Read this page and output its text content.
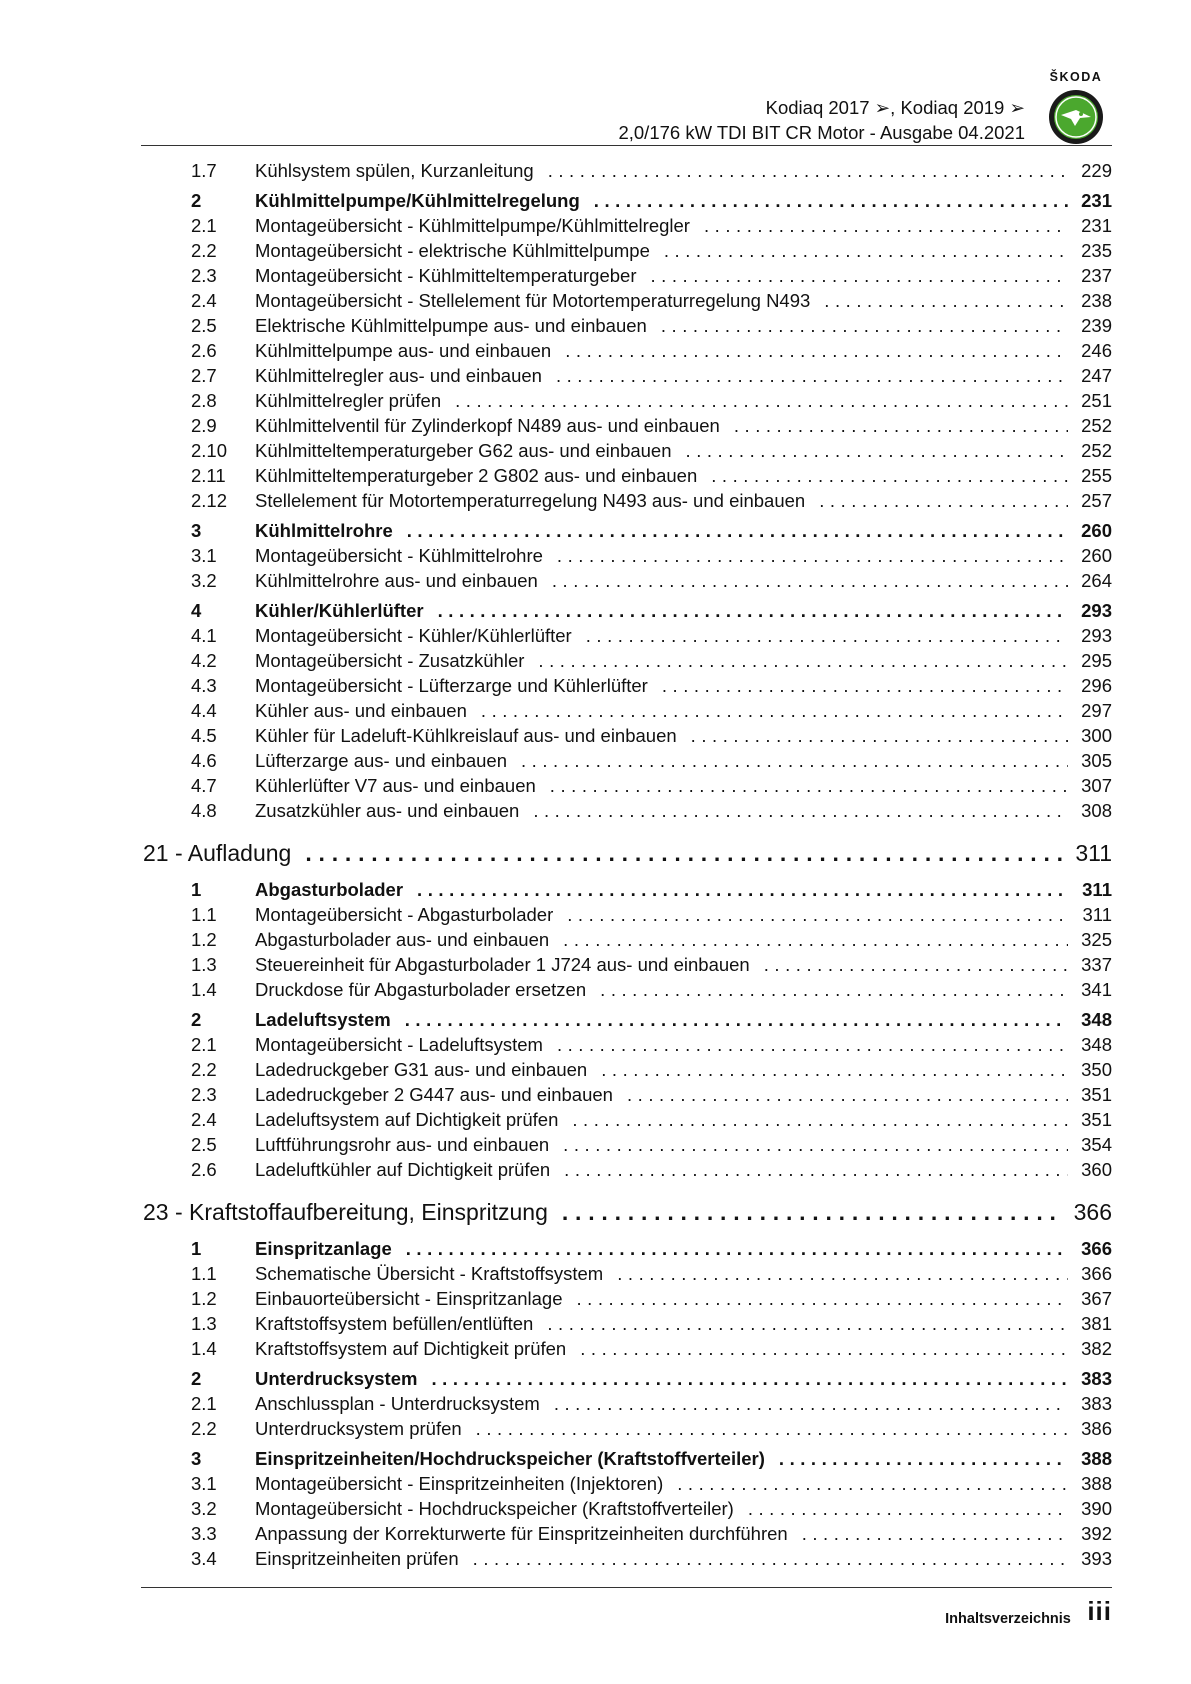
Kodiaq 2017 ➢, Kodiaq 2019 ➢
2,0/176 kW TDI BIT CR Motor - Ausgabe 04.2021
ŠKODA
1.7	Kühlsystem spülen, Kurzanleitung . . .	229
2	Kühlmittelpumpe/Kühlmittelregelung . . .	231
2.1	Montageübersicht - Kühlmittelpumpe/Kühlmittelregler . . .	231
2.2	Montageübersicht - elektrische Kühlmittelpumpe . . .	235
2.3	Montageübersicht - Kühlmitteltemperaturgeber . . .	237
2.4	Montageübersicht - Stellelement für Motortemperaturregelung N493 . . .	238
2.5	Elektrische Kühlmittelpumpe aus- und einbauen . . .	239
2.6	Kühlmittelpumpe aus- und einbauen . . .	246
2.7	Kühlmittelregler aus- und einbauen . . .	247
2.8	Kühlmittelregler prüfen . . .	251
2.9	Kühlmittelventil für Zylinderkopf N489 aus- und einbauen . . .	252
2.10	Kühlmitteltemperaturgeber G62 aus- und einbauen . . .	252
2.11	Kühlmitteltemperaturgeber 2 G802 aus- und einbauen . . .	255
2.12	Stellelement für Motortemperaturregelung N493 aus- und einbauen . . .	257
3	Kühlmittelrohre . . .	260
3.1	Montageübersicht - Kühlmittelrohre . . .	260
3.2	Kühlmittelrohre aus- und einbauen . . .	264
4	Kühler/Kühlerlüfter . . .	293
4.1	Montageübersicht - Kühler/Kühlerlüfter . . .	293
4.2	Montageübersicht - Zusatzkühler . . .	295
4.3	Montageübersicht - Lüfterzarge und Kühlerlüfter . . .	296
4.4	Kühler aus- und einbauen . . .	297
4.5	Kühler für Ladeluft-Kühlkreislauf aus- und einbauen . . .	300
4.6	Lüfterzarge aus- und einbauen . . .	305
4.7	Kühlerlüfter V7 aus- und einbauen . . .	307
4.8	Zusatzkühler aus- und einbauen . . .	308
21 - Aufladung . . .	311
1	Abgasturbolader . . .	311
1.1	Montageübersicht - Abgasturbolader . . .	311
1.2	Abgasturbolader aus- und einbauen . . .	325
1.3	Steuereinheit für Abgasturbolader 1 J724 aus- und einbauen . . .	337
1.4	Druckdose für Abgasturbolader ersetzen . . .	341
2	Ladeluftsystem . . .	348
2.1	Montageübersicht - Ladeluftsystem . . .	348
2.2	Ladedruckgeber G31 aus- und einbauen . . .	350
2.3	Ladedruckgeber 2 G447 aus- und einbauen . . .	351
2.4	Ladeluftsystem auf Dichtigkeit prüfen . . .	351
2.5	Luftführungsrohr aus- und einbauen . . .	354
2.6	Ladeluftkühler auf Dichtigkeit prüfen . . .	360
23 - Kraftstoffaufbereitung, Einspritzung . . .	366
1	Einspritzanlage . . .	366
1.1	Schematische Übersicht - Kraftstoffsystem . . .	366
1.2	Einbauorteübersicht - Einspritzanlage . . .	367
1.3	Kraftstoffsystem befüllen/entlüften . . .	381
1.4	Kraftstoffsystem auf Dichtigkeit prüfen . . .	382
2	Unterdrucksystem . . .	383
2.1	Anschlussplan - Unterdrucksystem . . .	383
2.2	Unterdrucksystem prüfen . . .	386
3	Einspritzeinheiten/Hochdruckspeicher (Kraftstoffverteiler) . . .	388
3.1	Montageübersicht - Einspritzeinheiten (Injektoren) . . .	388
3.2	Montageübersicht - Hochdruckspeicher (Kraftstoffverteiler) . . .	390
3.3	Anpassung der Korrekturwerte für Einspritzeinheiten durchführen . . .	392
3.4	Einspritzeinheiten prüfen . . .	393
Inhaltsverzeichnis iii
